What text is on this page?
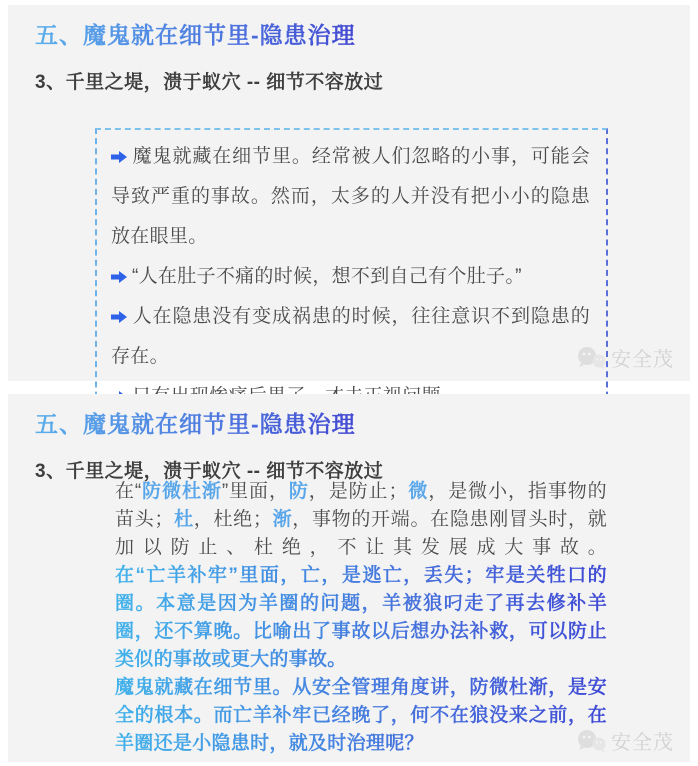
五、魔鬼就在细节里-隐患治理
3、千里之堤，溃于蚁穴 -- 细节不容放过
魔鬼就藏在细节里。经常被人们忽略的小事，可能会导致严重的事故。然而，太多的人并没有把小小的隐患放在眼里。
“人在肚子不痛的时候，想不到自己有个肚子。”
人在隐患没有变成祸患的时候，往往意识不到隐患的存在。	安全茂
五、魔鬼就在细节里-隐患治理
3、千里之堤，溃于蚁穴 -- 细节不容放过

在“防微杜渐”里面，防，是防止；微，是微小，指事物的苗头；杜，杜绝；渐，事物的开端。在隐患刚冒头时，就加以防止、杜绝，不让其发展成大事故。

在“亡羊补牢”里面，亡，是逃亡，丢失；牢是关牲口的圈。本意是因为羊圈的问题，羊被狼叼走了再去修补羊圈，还不算晚。比喻出了事故以后想办法补救，可以防止类似的事故或更大的事故。

魔鬼就藏在细节里。从安全管理角度讲，防微杜渐，是安全的根本。而亡羊补牢已经晚了，何不在狼没来之前，在羊圈还是小隐患时，就及时治理呢？	安全茂
